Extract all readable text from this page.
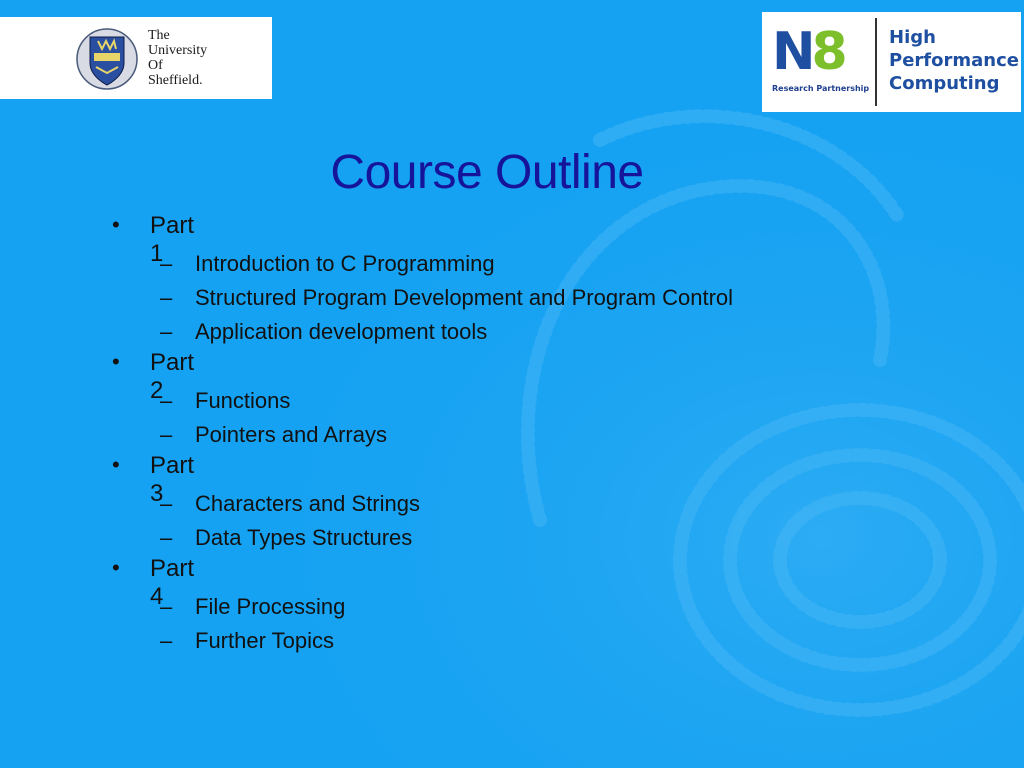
The
University
Of
Sheffield.	N8
Research Partnership
High
Performance
Computing
Course Outline
• Part 1
– Introduction to C Programming
– Structured Program Development and Program Control
– Application development tools
• Part 2
– Functions
– Pointers and Arrays
• Part 3
– Characters and Strings
– Data Types Structures
• Part 4
– File Processing
– Further Topics
